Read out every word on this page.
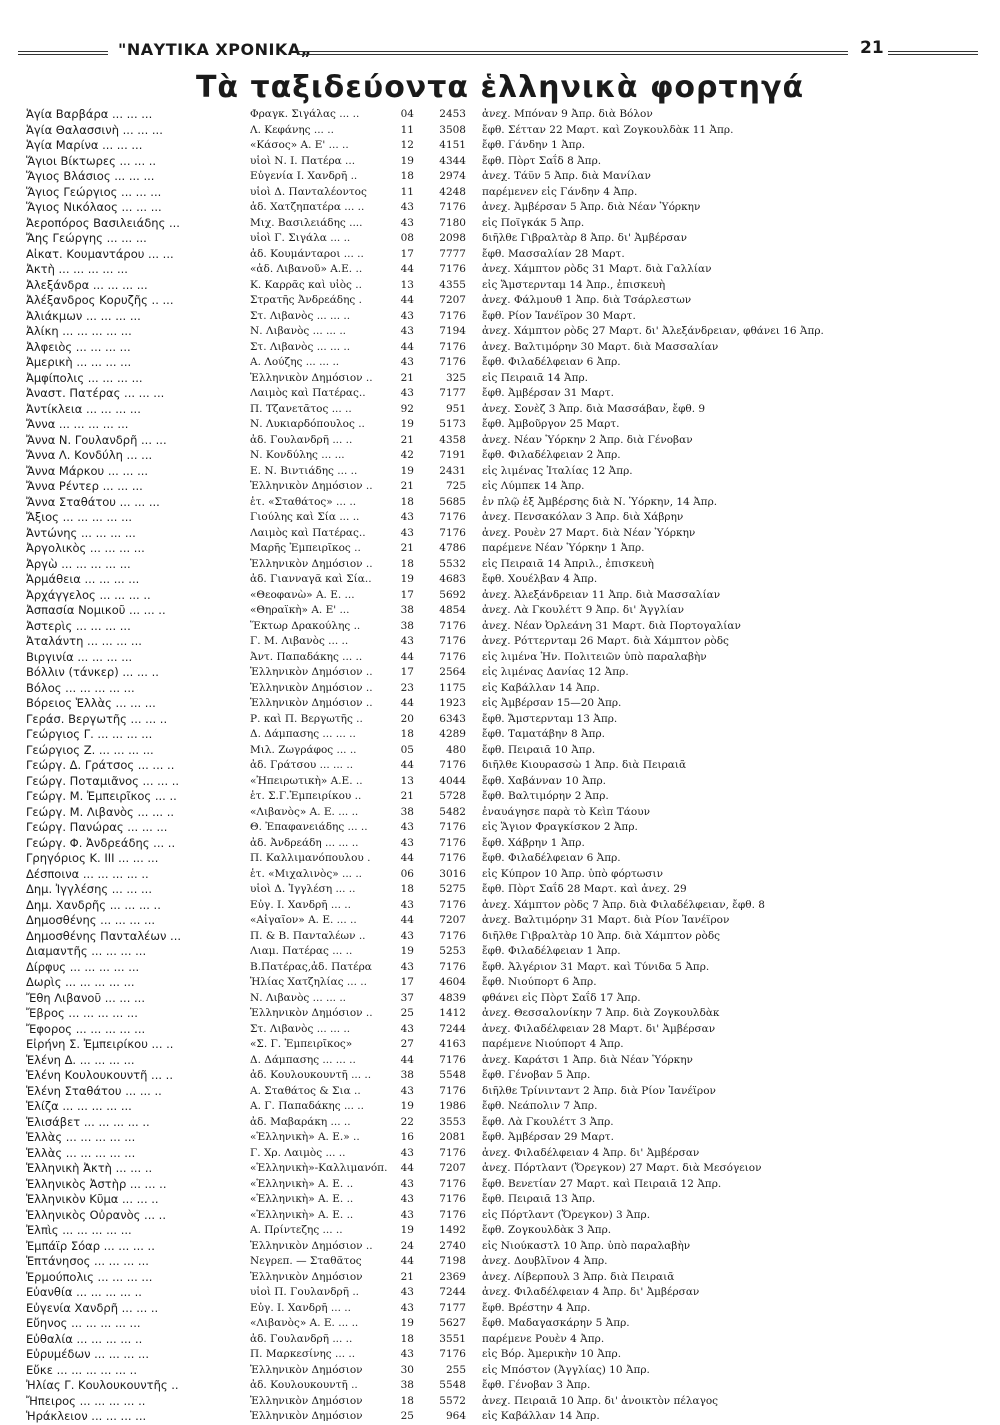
"ΝΑΥΤΙΚΑ ΧΡΟΝΙΚΑ„	21
Τὰ ταξιδεύοντα ἑλληνικὰ φορτηγά
Ἁγία Βαρβάρα ... ... ...	Φραγκ. Σιγάλας ... ..	04	2453 ἀνεχ. Μπόναν 9 Ἀπρ. διὰ Βόλον
Ἁγία Θαλασσινὴ ... ... ...	Λ. Κεφάνης ... ..	11	3508 ἔφθ. Σέτταν 22 Μαρτ. καὶ Ζογκουλδὰκ 11 Ἀπρ.
Ἁγία Μαρίνα ... ... ...	«Κάσος» Α. Ε' ... ..	12	4151 ἔφθ. Γάνδην 1 Ἀπρ.
Ἅγιοι Βίκτωρες ... ... ..	υἱοὶ Ν. Ι. Πατέρα ...	19	4344 ἔφθ. Πὸρτ Σαΐδ 8 Ἀπρ.
Ἅγιος Βλάσιος ... ... ...	Εὐγενία Ι. Χανδρῆ ..	18	2974 ἀνεχ. Τάϋν 5 Ἀπρ. διὰ Μανίλαν
Ἅγιος Γεώργιος ... ... ...	υἱοὶ Δ. Πανταλέοντος	11	4248 παρέμενεν εἰς Γάνδην 4 Ἀπρ.
Ἅγιος Νικόλαος ... ... ...	ἀδ. Χατζηπατέρα ... ..	43	7176 ἀνεχ. Ἀμβέρσαν 5 Ἀπρ. διὰ Νέαν Ὑόρκην
Ἀεροπόρος Βασιλειάδης ...	Μιχ. Βασιλειάδης ....	43	7180 εἰς Ποϊγκάκ 5 Ἀπρ.
Ἄης Γεώργης ... ... ...	υἱοὶ Γ. Σιγάλα ... ..	08	2098 διῆλθε Γιβραλτὰρ 8 Ἀπρ. δι' Ἀμβέρσαν
Αἰκατ. Κουμαντάρου ... ...	ἀδ. Κουμάνταροι ... ..	17	7777 ἔφθ. Μασσαλίαν 28 Μαρτ.
Ἀκτὴ ... ... ... ... ...	«ἀδ. Λιβανοῦ» Α.Ε. ..	44	7176 ἀνεχ. Χάμπτον ρὸδς 31 Μαρτ. διὰ Γαλλίαν
Ἀλεξάνδρα ... ... ... ...	Κ. Καρρᾶς καὶ υἱὸς ..	13	4355 εἰς Ἄμστερνταμ 14 Ἀπρ., ἐπισκευὴ
Ἀλέξανδρος Κορυζῆς .. ...	Στρατῆς Ἀνδρεάδης .	44	7207 ἀνεχ. Φάλμουθ 1 Ἀπρ. διὰ Τσάρλεστων
Ἀλιάκμων ... ... ... ...	Στ. Λιβανὸς ... ... ..	43	7176 ἔφθ. Ρίον Ἰανέϊρον 30 Μαρτ.
Ἀλίκη ... ... ... ... ...	Ν. Λιβανὸς ... ... ..	43	7194 ἀνεχ. Χάμπτον ρὸδς 27 Μαρτ. δι' Ἀλεξάνδρειαν, φθάνει 16 Ἀπρ.
Ἀλφειὸς ... ... ... ...	Στ. Λιβανὸς ... ... ..	44	7176 ἀνεχ. Βαλτιμόρην 30 Μαρτ. διὰ Μασσαλίαν
Ἀμερικὴ ... ... ... ...	Α. Λούζης ... ... ..	43	7176 ἔφθ. Φιλαδέλφειαν 6 Ἀπρ.
Ἀμφίπολις ... ... ... ...	Ἑλληνικὸν Δημόσιον ..	21	325 εἰς Πειραιᾶ 14 Ἀπρ.
Ἀναστ. Πατέρας ... ... ...	Λαιμὸς καὶ Πατέρας..	43	7177 ἔφθ. Ἀμβέρσαν 31 Μαρτ.
Ἀντίκλεια ... ... ... ...	Π. Τζανετᾶτος ... ..	92	951 ἀνεχ. Σονὲζ 3 Ἀπρ. διὰ Μασσάβαν, ἔφθ. 9
Ἄννα ... ... ... ... ...	Ν. Λυκιαρδόπουλος ..	19	5173 ἔφθ. Ἀμβοῦργον 25 Μαρτ.
Ἄννα Ν. Γουλανδρῆ ... ...	ἀδ. Γουλανδρῆ ... ..	21	4358 ἀνεχ. Νέαν Ὑόρκην 2 Ἀπρ. διὰ Γένοβαν
Ἄννα Λ. Κονδύλη ... ...	Ν. Κονδύλης ... ...	42	7191 ἔφθ. Φιλαδέλφειαν 2 Ἀπρ.
Ἄννα Μάρκου ... ... ...	Ε. Ν. Βιντιάδης ... ..	19	2431 εἰς λιμένας Ἰταλίας 12 Ἀπρ.
Ἄννα Ρέντερ ... ... ...	Ἑλληνικὸν Δημόσιον ..	21	725 εἰς Λύμπεκ 14 Ἀπρ.
Ἄννα Σταθάτου ... ... ...	ἑτ. «Σταθάτος» ... ..	18	5685 ἐν πλῷ ἐξ Ἀμβέρσης διὰ Ν. Ὑόρκην, 14 Ἀπρ.
Ἄξιος ... ... ... ... ...	Γιούλης καὶ Σία ... ..	43	7176 ἀνεχ. Πενσακόλαν 3 Ἀπρ. διὰ Χάβρην
Ἀντώνης ... ... ... ...	Λαιμὸς καὶ Πατέρας..	43	7176 ἀνεχ. Ρουὲν 27 Μαρτ. διὰ Νέαν Ὑόρκην
Ἀργολικὸς ... ... ... ...	Μαρῆς Ἐμπειρῖκος ..	21	4786 παρέμενε Νέαν Ὑόρκην 1 Ἀπρ.
Ἀργὼ ... ... ... ... ...	Ἑλληνικὸν Δημόσιον ..	18	5532 εἰς Πειραιᾶ 14 Ἀπριλ., ἐπισκευὴ
Ἁρμάθεια ... ... ... ...	ἀδ. Γιανναγᾶ καὶ Σία..	19	4683 ἔφθ. Χουέλβαν 4 Ἀπρ.
Ἀρχάγγελος ... ... ... ..	«Θεοφανὼ» Α. Ε. ...	17	5692 ἀνεχ. Ἀλεξάνδρειαν 11 Ἀπρ. διὰ Μασσαλίαν
Ἀσπασία Νομικοῦ ... ... ..	«Θηραϊκὴ» Α. Ε' ...	38	4854 ἀνεχ. Λὰ Γκουλέττ 9 Ἀπρ. δι' Ἀγγλίαν
Ἀστερὶς ... ... ... ...	Ἕκτωρ Δρακούλης ..	38	7176 ἀνεχ. Νέαν Ὀρλεάνη 31 Μαρτ. διὰ Πορτογαλίαν
Ἀταλάντη ... ... ... ...	Γ. Μ. Λιβανὸς ... ..	43	7176 ἀνεχ. Ρόττερνταμ 26 Μαρτ. διὰ Χάμπτον ρὸδς
Βιργινία ... ... ... ...	Ἀντ. Παπαδάκης ... ..	44	7176 εἰς λιμένα Ἡν. Πολιτειῶν ὑπὸ παραλαβὴν
Βόλλιν (τάνκερ) ... ... ..	Ἑλληνικὸν Δημόσιον ..	17	2564 εἰς λιμένας Δανίας 12 Ἀπρ.
Βόλος ... ... ... ... ...	Ἑλληνικὸν Δημόσιον ..	23	1175 εἰς Καβάλλαν 14 Ἀπρ.
Βόρειος Ἑλλὰς ... ... ...	Ἑλληνικὸν Δημόσιον ..	44	1923 εἰς Ἀμβέρσαν 15—20 Ἀπρ.
Γεράσ. Βεργωτῆς ... ... ..	Ρ. καὶ Π. Βεργωτῆς ..	20	6343 ἔφθ. Ἄμστερνταμ 13 Ἀπρ.
Γεώργιος Γ. ... ... ... ...	Δ. Δάμπασης ... ... ..	18	4289 ἔφθ. Ταματάβην 8 Ἀπρ.
Γεώργιος Ζ. ... ... ... ...	Μιλ. Ζωγράφος ... ..	05	480 ἔφθ. Πειραιᾶ 10 Ἀπρ.
Γεώργ. Δ. Γράτσος ... ... ..	ἀδ. Γράτσου ... ... ..	44	7176 διῆλθε Κιουρασσὼ 1 Ἀπρ. διὰ Πειραιᾶ
Γεώργ. Ποταμιᾶνος ... ... ..	«Ἠπειρωτικὴ» Α.Ε. ..	13	4044 ἔφθ. Χαβάνναν 10 Ἀπρ.
Γεώργ. Μ. Ἐμπειρῖκος ... ..	ἑτ. Σ.Γ.Ἐμπειρίκου ..	21	5728 ἔφθ. Βαλτιμόρην 2 Ἀπρ.
Γεώργ. Μ. Λιβανὸς ... ... ..	«Λιβανὸς» Α. Ε. ... ..	38	5482 ἐναυάγησε παρὰ τὸ Κεὶπ Τάουν
Γεώργ. Πανώρας ... ... ...	Θ. Ἐπαφανειάδης ... ..	43	7176 εἰς Ἅγιον Φραγκίσκον 2 Ἀπρ.
Γεώργ. Φ. Ἀνδρεάδης ... ..	ἀδ. Ἀνδρεάδη ... ... ..	43	7176 ἔφθ. Χάβρην 1 Ἀπρ.
Γρηγόριος Κ. ΙΙΙ ... ... ...	Π. Καλλιμανόπουλου .	44	7176 ἔφθ. Φιλαδέλφειαν 6 Ἀπρ.
Δέσποινα ... ... ... ... ..	ἑτ. «Μιχαλινὸς» ... ..	06	3016 εἰς Κύπρον 10 Ἀπρ. ὑπὸ φόρτωσιν
Δημ. Ἰγγλέσης ... ... ...	υἱοὶ Δ. Ἰγγλέση ... ..	18	5275 ἔφθ. Πὸρτ Σαΐδ 28 Μαρτ. καὶ ἀνεχ. 29
Δημ. Χανδρῆς ... ... ... ..	Εὐγ. Ι. Χανδρῆ ... ..	43	7176 ἀνεχ. Χάμπτον ρὸδς 7 Ἀπρ. διὰ Φιλαδέλφειαν, ἔφθ. 8
Δημοσθένης ... ... ... ...	«Αἰγαῖον» Α. Ε. ... ..	44	7207 ἀνεχ. Βαλτιμόρην 31 Μαρτ. διὰ Ρίον Ἰανέϊρον
Δημοσθένης Πανταλέων ...	Π. & Β. Πανταλέων ..	43	7176 διῆλθε Γιβραλτὰρ 10 Ἀπρ. διὰ Χάμπτον ρὸδς
Διαμαντῆς ... ... ... ...	Λιαμ. Πατέρας ... ..	19	5253 ἔφθ. Φιλαδέλφειαν 1 Ἀπρ.
Δίρφυς ... ... ... ... ...	Β.Πατέρας,ἀδ. Πατέρα	43	7176 ἔφθ. Ἀλγέριον 31 Μαρτ. καὶ Τύνιδα 5 Ἀπρ.
Δωρὶς ... ... ... ... ...	Ἡλίας Χατζηλίας ... ..	17	4604 ἔφθ. Νιούπορτ 6 Ἀπρ.
Ἔθη Λιβανοῦ ... ... ...	Ν. Λιβανὸς ... ... ..	37	4839 φθάνει εἰς Πὸρτ Σαΐδ 17 Ἀπρ.
Ἔβρος ... ... ... ... ...	Ἑλληνικὸν Δημόσιον ..	25	1412 ἀνεχ. Θεσσαλονίκην 7 Ἀπρ. διὰ Ζογκουλδὰκ
Ἔφορος ... ... ... ... ...	Στ. Λιβανὸς ... ... ..	43	7244 ἀνεχ. Φιλαδέλφειαν 28 Μαρτ. δι' Ἀμβέρσαν
Εἰρήνη Σ. Ἐμπειρίκου ... ..	«Σ. Γ. Ἐμπειρῖκος»	27	4163 παρέμενε Νιούπορτ 4 Ἀπρ.
Ἑλένη Δ. ... ... ... ...	Δ. Δάμπασης ... ... ..	44	7176 ἀνεχ. Καράτσι 1 Ἀπρ. διὰ Νέαν Ὑόρκην
Ἑλένη Κουλουκουντῆ ... ..	ἀδ. Κουλουκουντῆ ... ..	38	5548 ἔφθ. Γένοβαν 5 Ἀπρ.
Ἑλένη Σταθάτου ... ... ..	Α. Σταθάτος & Σια ..	43	7176 διῆλθε Τρίνινταντ 2 Ἀπρ. διὰ Ρίον Ἰανέϊρον
Ἑλίζα ... ... ... ... ...	Α. Γ. Παπαδάκης ... ..	19	1986 ἔφθ. Νεάπολιν 7 Ἀπρ.
Ἑλισάβετ ... ... ... ... ..	ἀδ. Μαβαράκη ... ..	22	3553 ἔφθ. Λὰ Γκουλέττ 3 Ἀπρ.
Ἑλλὰς ... ... ... ... ...	«Ἑλληνικὴ» Α. Ε.» ..	16	2081 ἔφθ. Ἀμβέρσαν 29 Μαρτ.
Ἑλλὰς ... ... ... ... ...	Γ. Χρ. Λαιμὸς ... ..	43	7176 ἀνεχ. Φιλαδέλφειαν 4 Ἀπρ. δι' Ἀμβέρσαν
Ἑλληνικὴ Ἀκτὴ ... ... ..	«Ἑλληνικὴ»-Καλλιμανόπ.	44	7207 ἀνεχ. Πόρτλαντ (Ὄρεγκον) 27 Μαρτ. διὰ Μεσόγειον
Ἑλληνικὸς Ἀστὴρ ... ... ..	«Ἑλληνικὴ» Α. Ε. ..	43	7176 ἔφθ. Βενετίαν 27 Μαρτ. καὶ Πειραιᾶ 12 Ἀπρ.
Ἑλληνικὸν Κῦμα ... ... ..	«Ἑλληνικὴ» Α. Ε. ..	43	7176 ἔφθ. Πειραιᾶ 13 Ἀπρ.
Ἑλληνικὸς Οὐρανὸς ... ..	«Ἑλληνικὴ» Α. Ε. ..	43	7176 εἰς Πόρτλαντ (Ὄρεγκον) 3 Ἀπρ.
Ἐλπὶς ... ... ... ... ...	Α. Πρίντεζης ... ..	19	1492 ἔφθ. Ζογκουλδὰκ 3 Ἀπρ.
Ἐμπάϊρ Σόαρ ... ... ... ..	Ἑλληνικὸν Δημόσιον ..	24	2740 εἰς Νιούκαστλ 10 Ἀπρ. ὑπὸ παραλαβὴν
Ἑπτάνησος ... ... ... ...	Νεγρεπ. — Σταθᾶτος	44	7198 ἀνεχ. Δουβλῖνον 4 Ἀπρ.
Ἑρμούπολις ... ... ... ...	Ἑλληνικὸν Δημόσιον	21	2369 ἀνεχ. Λίβερπουλ 3 Ἀπρ. διὰ Πειραιᾶ
Εὐανθία ... ... ... ... ..	υἱοὶ Π. Γουλανδρῆ ..	43	7244 ἀνεχ. Φιλαδέλφειαν 4 Ἀπρ. δι' Ἀμβέρσαν
Εὐγενία Χανδρῆ ... ... ..	Εὐγ. Ι. Χανδρῆ ... ..	43	7177 ἔφθ. Βρέστην 4 Ἀπρ.
Εὔηνος ... ... ... ... ...	«Λιβανὸς» Α. Ε. ... ..	19	5627 ἔφθ. Μαδαγασκάρην 5 Ἀπρ.
Εὐθαλία ... ... ... ... ..	ἀδ. Γουλανδρῆ ... ..	18	3551 παρέμενε Ρουὲν 4 Ἀπρ.
Εὐρυμέδων ... ... ... ...	Π. Μαρκεσίνης ... ..	43	7176 εἰς Βόρ. Ἀμερικὴν 10 Ἀπρ.
Εὔκε ... ... ... ... ... ..	Ἑλληνικὸν Δημόσιον	30	255 εἰς Μπόστον (Ἀγγλίας) 10 Ἀπρ.
Ἠλίας Γ. Κουλουκουντῆς ..	ἀδ. Κουλουκουντῆ ..	38	5548 ἔφθ. Γένοβαν 3 Ἀπρ.
Ἤπειρος ... ... ... ... ..	Ἑλληνικὸν Δημόσιον	18	5572 ἀνεχ. Πειραιᾶ 10 Ἀπρ. δι' ἀνοικτὸν πέλαγος
Ἡράκλειον ... ... ... ...	Ἑλληνικὸν Δημόσιον	25	964 εἰς Καβάλλαν 14 Ἀπρ.
